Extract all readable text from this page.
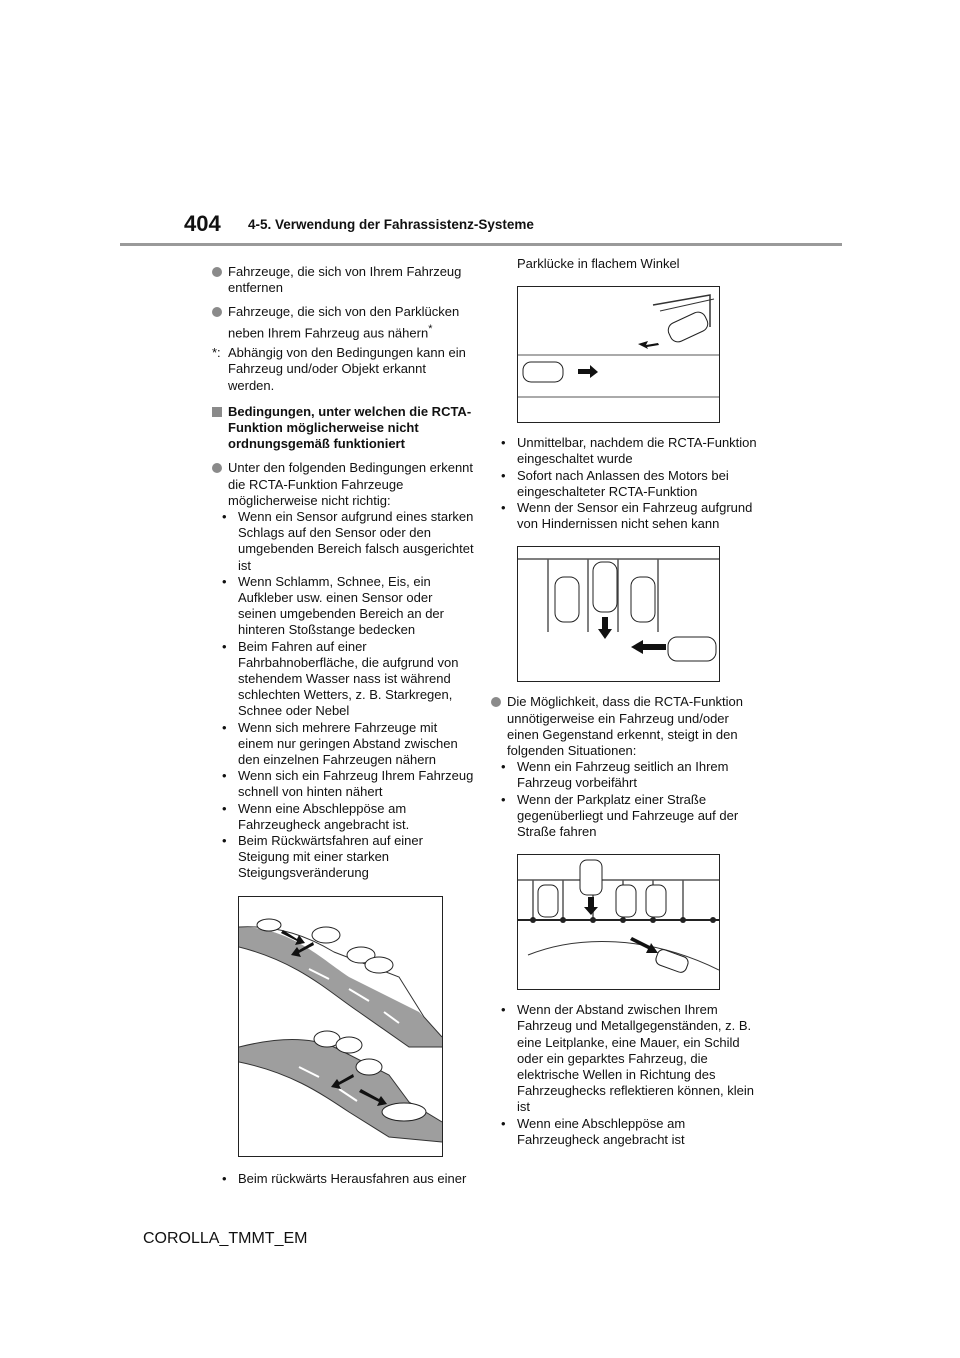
404 4-5. Verwendung der Fahrassistenz-Systeme
Fahrzeuge, die sich von Ihrem Fahrzeug entfernen
Fahrzeuge, die sich von den Parklücken neben Ihrem Fahrzeug aus nähern*
*: Abhängig von den Bedingungen kann ein Fahrzeug und/oder Objekt erkannt werden.
Bedingungen, unter welchen die RCTA-Funktion möglicherweise nicht ordnungsgemäß funktioniert
Unter den folgenden Bedingungen erkennt die RCTA-Funktion Fahrzeuge möglicherweise nicht richtig:
• Wenn ein Sensor aufgrund eines starken Schlags auf den Sensor oder den umgebenden Bereich falsch ausgerichtet ist
• Wenn Schlamm, Schnee, Eis, ein Aufkleber usw. einen Sensor oder seinen umgebenden Bereich an der hinteren Stoßstange bedecken
• Beim Fahren auf einer Fahrbahnoberfläche, die aufgrund von stehendem Wasser nass ist während schlechten Wetters, z. B. Starkregen, Schnee oder Nebel
• Wenn sich mehrere Fahrzeuge mit einem nur geringen Abstand zwischen den einzelnen Fahrzeugen nähern
• Wenn sich ein Fahrzeug Ihrem Fahrzeug schnell von hinten nähert
• Wenn eine Abschleppöse am Fahrzeugheck angebracht ist.
• Beim Rückwärtsfahren auf einer Steigung mit einer starken Steigungsveränderung
• Beim rückwärts Herausfahren aus einer
Parklücke in flachem Winkel
• Unmittelbar, nachdem die RCTA-Funktion eingeschaltet wurde
• Sofort nach Anlassen des Motors bei eingeschalteter RCTA-Funktion
• Wenn der Sensor ein Fahrzeug aufgrund von Hindernissen nicht sehen kann
Die Möglichkeit, dass die RCTA-Funktion unnötigerweise ein Fahrzeug und/oder einen Gegenstand erkennt, steigt in den folgenden Situationen:
• Wenn ein Fahrzeug seitlich an Ihrem Fahrzeug vorbeifährt
• Wenn der Parkplatz einer Straße gegenüberliegt und Fahrzeuge auf der Straße fahren
• Wenn der Abstand zwischen Ihrem Fahrzeug und Metallgegenständen, z. B. eine Leitplanke, eine Mauer, ein Schild oder ein geparktes Fahrzeug, die elektrische Wellen in Richtung des Fahrzeughecks reflektieren können, klein ist
• Wenn eine Abschleppöse am Fahrzeugheck angebracht ist
COROLLA_TMMT_EM
